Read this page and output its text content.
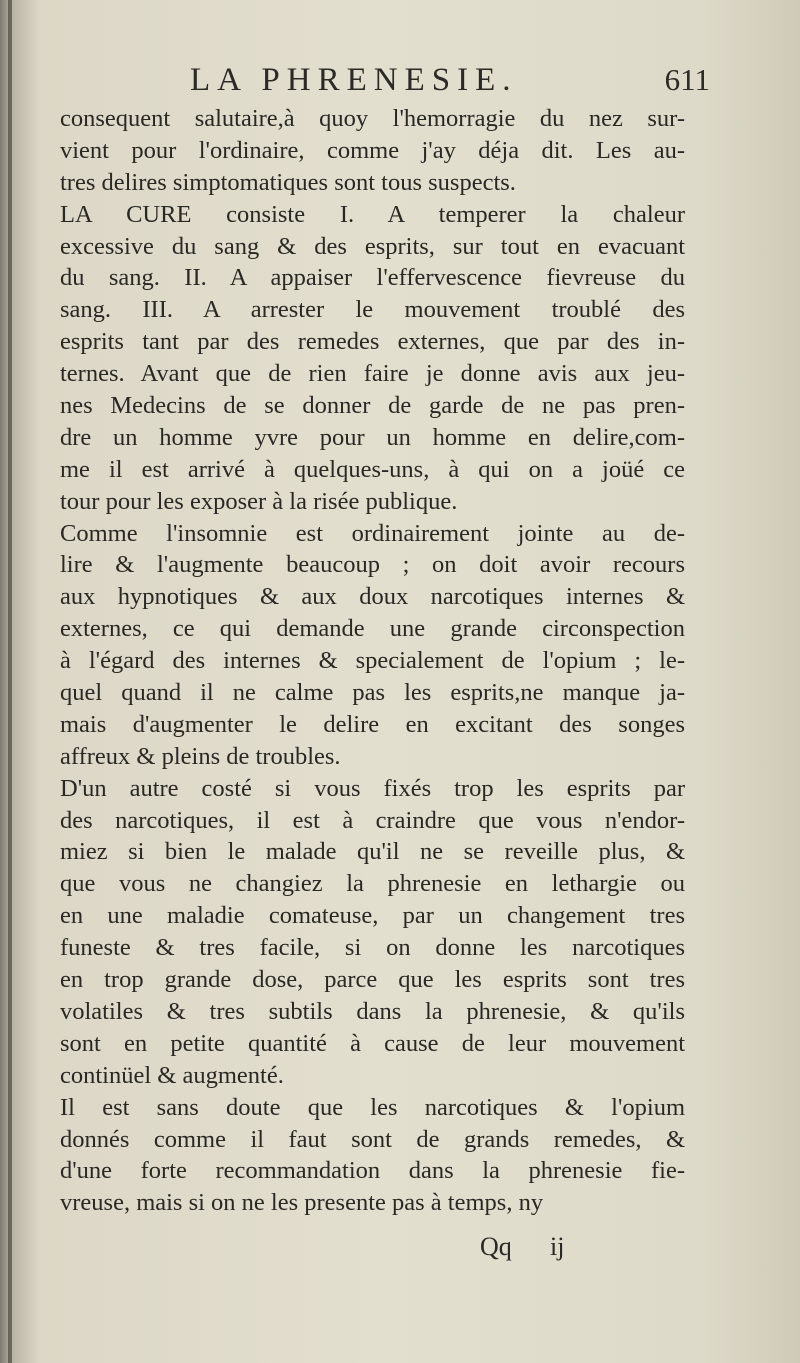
LA PHRENESIE.	611
consequent salutaire,à quoy l'hemorragie du nez sur-
vient pour l'ordinaire, comme j'ay déja dit. Les au-
tres delires simptomatiques sont tous suspects.
LA CURE consiste I. A temperer la chaleur
excessive du sang & des esprits, sur tout en evacuant
du sang. II. A appaiser l'effervescence fievreuse du
sang. III. A arrester le mouvement troublé des
esprits tant par des remedes externes, que par des in-
ternes. Avant que de rien faire je donne avis aux jeu-
nes Medecins de se donner de garde de ne pas pren-
dre un homme yvre pour un homme en delire,com-
me il est arrivé à quelques-uns, à qui on a joüé ce
tour pour les exposer à la risée publique.
Comme l'insomnie est ordinairement jointe au de-
lire & l'augmente beaucoup ; on doit avoir recours
aux hypnotiques & aux doux narcotiques internes &
externes, ce qui demande une grande circonspection
à l'égard des internes & specialement de l'opium ; le-
quel quand il ne calme pas les esprits,ne manque ja-
mais d'augmenter le delire en excitant des songes
affreux & pleins de troubles.
D'un autre costé si vous fixés trop les esprits par
des narcotiques, il est à craindre que vous n'endor-
miez si bien le malade qu'il ne se reveille plus, &
que vous ne changiez la phrenesie en lethargie ou
en une maladie comateuse, par un changement tres
funeste & tres facile, si on donne les narcotiques
en trop grande dose, parce que les esprits sont tres
volatiles & tres subtils dans la phrenesie, & qu'ils
sont en petite quantité à cause de leur mouvement
continüel & augmenté.
Il est sans doute que les narcotiques & l'opium
donnés comme il faut sont de grands remedes, &
d'une forte recommandation dans la phrenesie fie-
vreuse, mais si on ne les presente pas à temps, ny
Qq ij
